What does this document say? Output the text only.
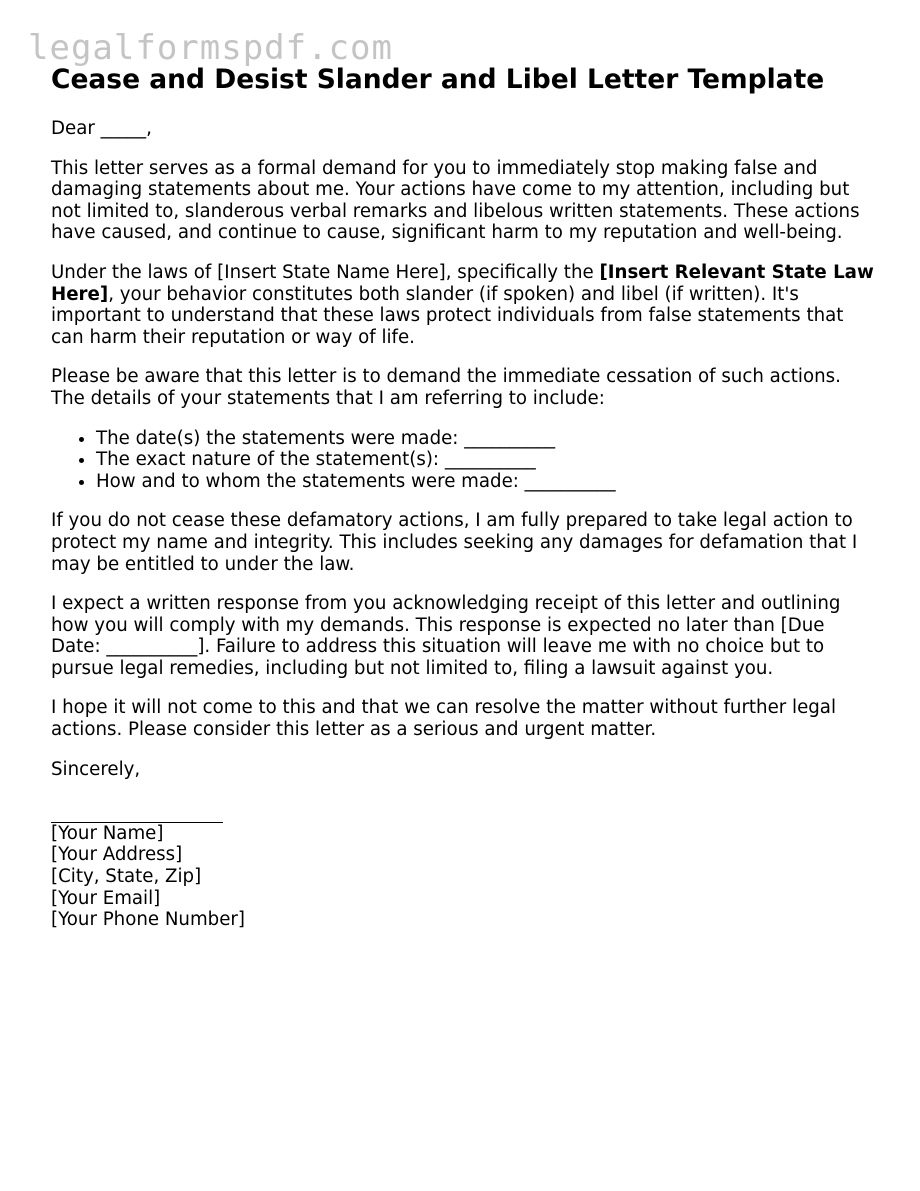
legalformspdf.com
Cease and Desist Slander and Libel Letter Template

Dear _____,

This letter serves as a formal demand for you to immediately stop making false and damaging statements about me. Your actions have come to my attention, including but not limited to, slanderous verbal remarks and libelous written statements. These actions have caused, and continue to cause, significant harm to my reputation and well-being.

Under the laws of [Insert State Name Here], specifically the [Insert Relevant State Law Here], your behavior constitutes both slander (if spoken) and libel (if written). It's important to understand that these laws protect individuals from false statements that can harm their reputation or way of life.

Please be aware that this letter is to demand the immediate cessation of such actions. The details of your statements that I am referring to include:

• The date(s) the statements were made: __________
• The exact nature of the statement(s): __________
• How and to whom the statements were made: __________

If you do not cease these defamatory actions, I am fully prepared to take legal action to protect my name and integrity. This includes seeking any damages for defamation that I may be entitled to under the law.

I expect a written response from you acknowledging receipt of this letter and outlining how you will comply with my demands. This response is expected no later than [Due Date: __________]. Failure to address this situation will leave me with no choice but to pursue legal remedies, including but not limited to, filing a lawsuit against you.

I hope it will not come to this and that we can resolve the matter without further legal actions. Please consider this letter as a serious and urgent matter.

Sincerely,

[Your Name]
[Your Address]
[City, State, Zip]
[Your Email]
[Your Phone Number]
